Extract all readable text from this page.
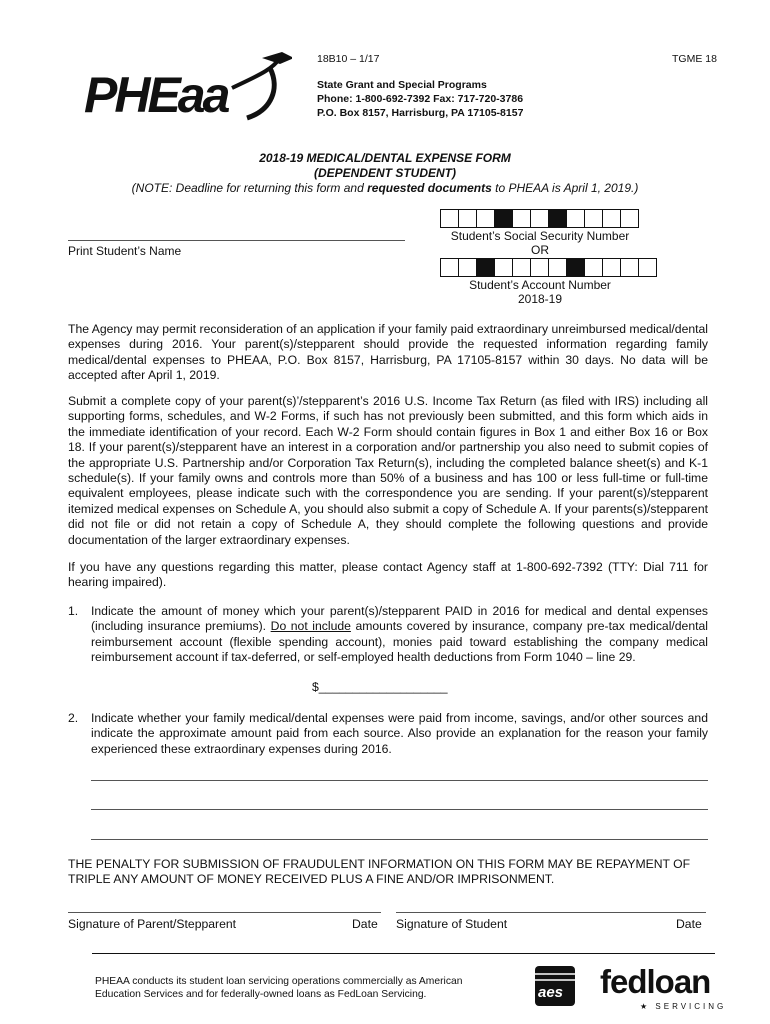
18B10 – 1/17	TGME 18
PHEaa	State Grant and Special Programs
Phone: 1-800-692-7392 Fax: 717-720-3786
P.O. Box 8157, Harrisburg, PA 17105-8157
2018-19 MEDICAL/DENTAL EXPENSE FORM
(DEPENDENT STUDENT)
(NOTE: Deadline for returning this form and requested documents to PHEAA is April 1, 2019.)
Print Student’s Name
Student’s Social Security Number
OR
Student’s Account Number
2018-19
The Agency may permit reconsideration of an application if your family paid extraordinary unreimbursed medical/dental expenses during 2016. Your parent(s)/stepparent should provide the requested information regarding family medical/dental expenses to PHEAA, P.O. Box 8157, Harrisburg, PA 17105-8157 within 30 days. No data will be accepted after April 1, 2019.
Submit a complete copy of your parent(s)’/stepparent’s 2016 U.S. Income Tax Return (as filed with IRS) including all supporting forms, schedules, and W-2 Forms, if such has not previously been submitted, and this form which aids in the immediate identification of your record. Each W-2 Form should contain figures in Box 1 and either Box 16 or Box 18. If your parent(s)/stepparent have an interest in a corporation and/or partnership you also need to submit copies of the appropriate U.S. Partnership and/or Corporation Tax Return(s), including the completed balance sheet(s) and K-1 schedule(s). If your family owns and controls more than 50% of a business and has 100 or less full-time or full-time equivalent employees, please indicate such with the correspondence you are sending. If your parent(s)/stepparent itemized medical expenses on Schedule A, you should also submit a copy of Schedule A. If your parents(s)/stepparent did not file or did not retain a copy of Schedule A, they should complete the following questions and provide documentation of the larger extraordinary expenses.
If you have any questions regarding this matter, please contact Agency staff at 1-800-692-7392 (TTY: Dial 711 for hearing impaired).
1. Indicate the amount of money which your parent(s)/stepparent PAID in 2016 for medical and dental expenses (including insurance premiums). Do not include amounts covered by insurance, company pre-tax medical/dental reimbursement account (flexible spending account), monies paid toward establishing the company medical reimbursement account if tax-deferred, or self-employed health deductions from Form 1040 – line 29.
$___________________
2. Indicate whether your family medical/dental expenses were paid from income, savings, and/or other sources and indicate the approximate amount paid from each source. Also provide an explanation for the reason your family experienced these extraordinary expenses during 2016.
THE PENALTY FOR SUBMISSION OF FRAUDULENT INFORMATION ON THIS FORM MAY BE REPAYMENT OF TRIPLE ANY AMOUNT OF MONEY RECEIVED PLUS A FINE AND/OR IMPRISONMENT.
Signature of Parent/Stepparent	Date Signature of Student	Date
PHEAA conducts its student loan servicing operations commercially as American Education Services and for federally-owned loans as FedLoan Servicing.	aes fedloan
★ SERVICING
